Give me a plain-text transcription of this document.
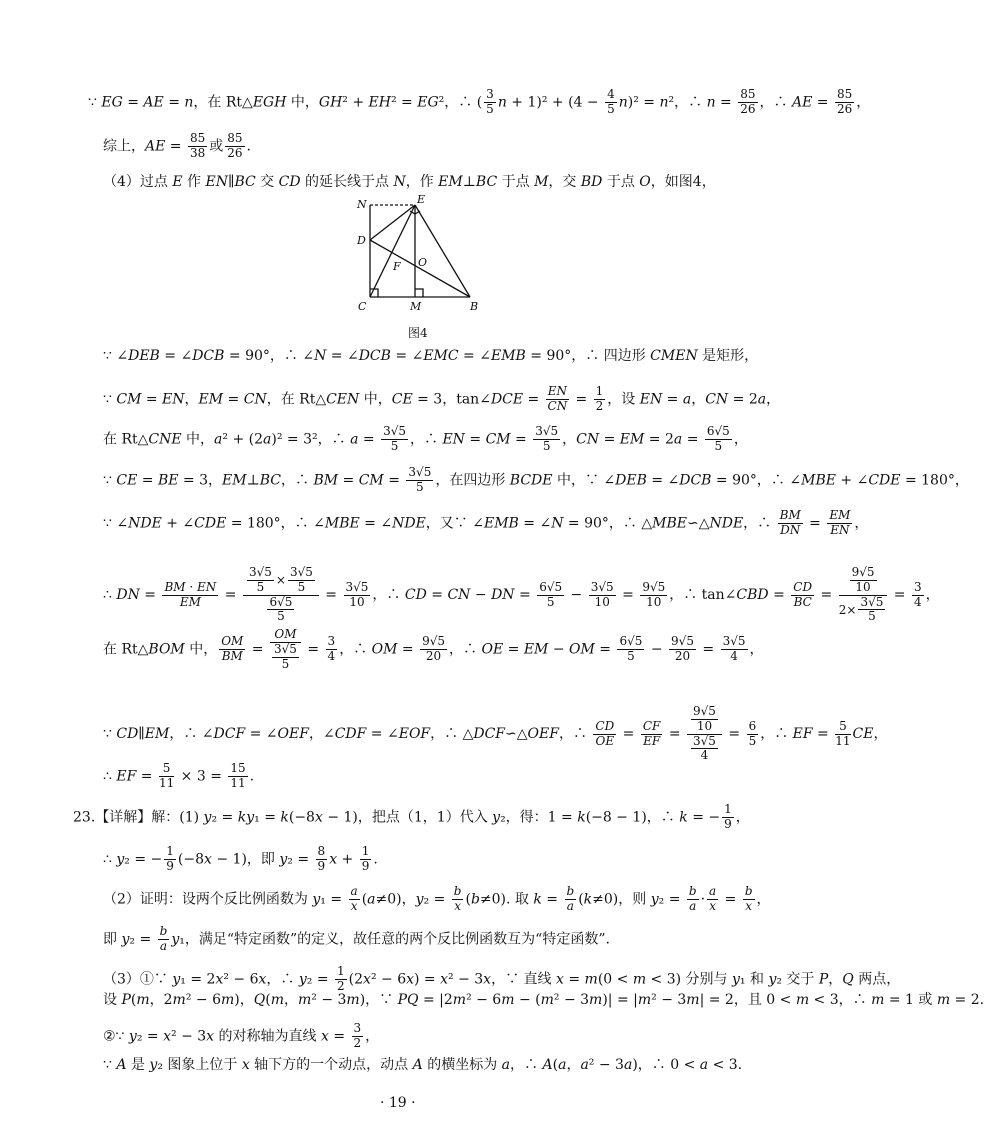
∵ EG = AE = n，在 Rt△EGH 中，GH² + EH² = EG²，∴ ( $\frac{3}{5}$ $n + 1)^2 + (4 - \frac{4}{5} n)^2 = n^2$，∴ $n = \frac{85}{26}$ ，∴ AE = $\frac{85}{26}$ ，
综上，AE = $\frac{85}{38}$ 或 $\frac{85}{26}$ .
（4）过点 E 作 EN∥BC 交 CD 的延长线于点 N，作 EM⊥BC 于点 M，交 BD 于点 O，如图4，
N	E
D
F O
C	M	B
图4
∵ ∠DEB = ∠DCB = 90°，∴ ∠N = ∠DCB = ∠EMC = ∠EMB = 90°，∴ 四边形 CMEN 是矩形，
∵ CM = EN，EM = CN，在 Rt△CEN 中，CE = 3，tan∠DCE = $\frac{EN}{CN} = \frac{1}{2}$ ，设 EN = a，CN = 2a，
在 Rt△CNE 中，a² + (2a)² = 3²，∴ $a = \frac{3√5}{5}$ ，∴ EN = CM = $\frac{3√5}{5}$ ，CN = EM = $2a = \frac{6√5}{5}$ ，
∵ CE = BE = 3，EM⊥BC，∴ BM = CM = $\frac{3√5}{5}$ ，在四边形 BCDE 中，∵ ∠DEB = ∠DCB = 90°，∴ ∠MBE + ∠CDE = 180°，
∵ ∠NDE + ∠CDE = 180°，∴ ∠MBE = ∠NDE，又∵ ∠EMB = ∠N = 90°，∴ △MBE∽△NDE，∴ $\frac{BM}{DN} = \frac{EM}{EN}$ ，
∴ DN = $\frac{BM \cdot EN}{EM} = \frac{\frac{3√5}{5} \times \frac{3√5}{5}}{\frac{6√5}{5}} = \frac{3√5}{10}$ ，∴ CD = CN − DN = $\frac{6√5}{5} - \frac{3√5}{10} = \frac{9√5}{10}$ ，∴ tan∠CBD = $\frac{CD}{BC} = \frac{\frac{9√5}{10}}{2\times \frac{3√5}{5}} = \frac{3}{4}$ ，
在 Rt△BOM 中， $\frac{OM}{BM} = \frac{OM}{\frac{3√5}{5}} = \frac{3}{4}$ ，∴ OM = $\frac{9√5}{20}$ ，∴ OE = EM − OM = $\frac{6√5}{5} - \frac{9√5}{20} = \frac{3√5}{4}$ ，
∵ CD∥EM，∴ ∠DCF = ∠OEF，∠CDF = ∠EOF，∴ △DCF∽△OEF，∴ $\frac{CD}{OE} = \frac{CF}{EF} = \frac{\frac{9√5}{10}}{\frac{3√5}{4}} = \frac{6}{5}$ ，∴ EF = $\frac{5}{11}$ CE，
∴ EF = $\frac{5}{11} \times 3 = \frac{15}{11}$ .
23.【详解】解：(1) y₂ = ky₁ = k(−8x − 1)，把点（1，1）代入 y₂，得：1 = k(−8 − 1)，∴ k = − $\frac{1}{9}$ ，
∴ y₂ = − $\frac{1}{9} (-8x - 1)$，即 $y_2 = \frac{8}{9}$ $x + \frac{1}{9}$ .
（2）证明：设两个反比例函数为 $y_1 = \frac{a}{x} (a\ne 0)$，$y_2 = \frac{b}{x} (b\ne 0)$. 取 $k = \frac{b}{a} (k\ne 0)$，则 $y_2 = \frac{b}{a} \cdot \frac{a}{x} = \frac{b}{x}$ ，
即 $y_2 = \frac{b}{a} y_1$，满足“特定函数”的定义，故任意的两个反比例函数互为“特定函数”.
（3）①∵ y₁ = 2x² − 6x，∴ $y_2 = \frac{1}{2} (2x^2 - 6x) = x^2 - 3x$，∵ 直线 x = m(0 < m < 3) 分别与 y₁ 和 y₂ 交于 P，Q 两点，
设 P(m，2m² − 6m)，Q(m，m² − 3m)，∵ PQ = |2m² − 6m − (m² − 3m)| = |m² − 3m| = 2，且 0 < m < 3，∴ m = 1 或 m = 2.
②∵ y₂ = x² − 3x 的对称轴为直线 $x = \frac{3}{2}$ ，
∵ A 是 y₂ 图象上位于 x 轴下方的一个动点，动点 A 的横坐标为 a，∴ A(a，a² − 3a)，∴ 0 < a < 3.
· 19 ·
